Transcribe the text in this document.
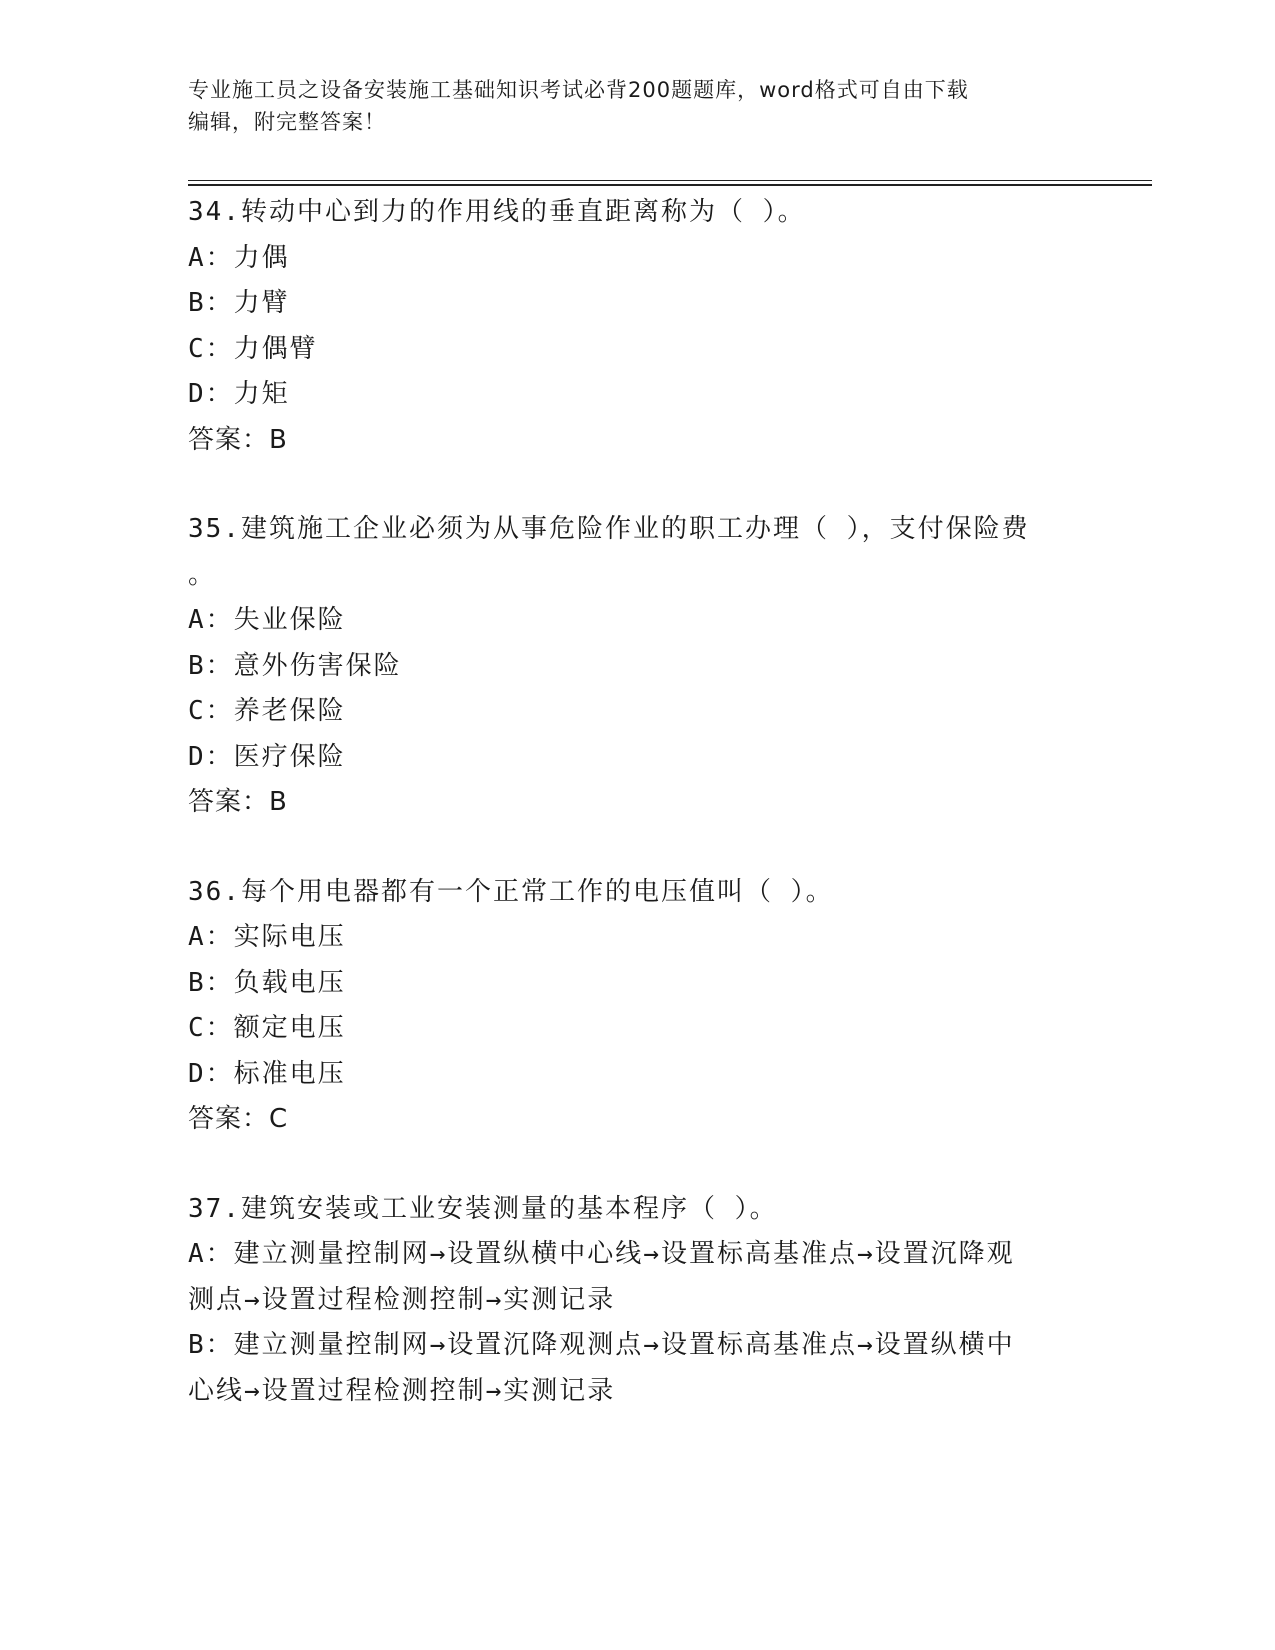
专业施工员之设备安装施工基础知识考试必背200题题库，word格式可自由下载
编辑，附完整答案！
34.转动中心到力的作用线的垂直距离称为（ ）。
A：力偶
B：力臂
C：力偶臂
D：力矩
答案：B
35.建筑施工企业必须为从事危险作业的职工办理（ ），支付保险费
。
A：失业保险
B：意外伤害保险
C：养老保险
D：医疗保险
答案：B
36.每个用电器都有一个正常工作的电压值叫（ ）。
A：实际电压
B：负载电压
C：额定电压
D：标准电压
答案：C
37.建筑安装或工业安装测量的基本程序（ ）。
A：建立测量控制网→设置纵横中心线→设置标高基准点→设置沉降观
测点→设置过程检测控制→实测记录
B：建立测量控制网→设置沉降观测点→设置标高基准点→设置纵横中
心线→设置过程检测控制→实测记录
